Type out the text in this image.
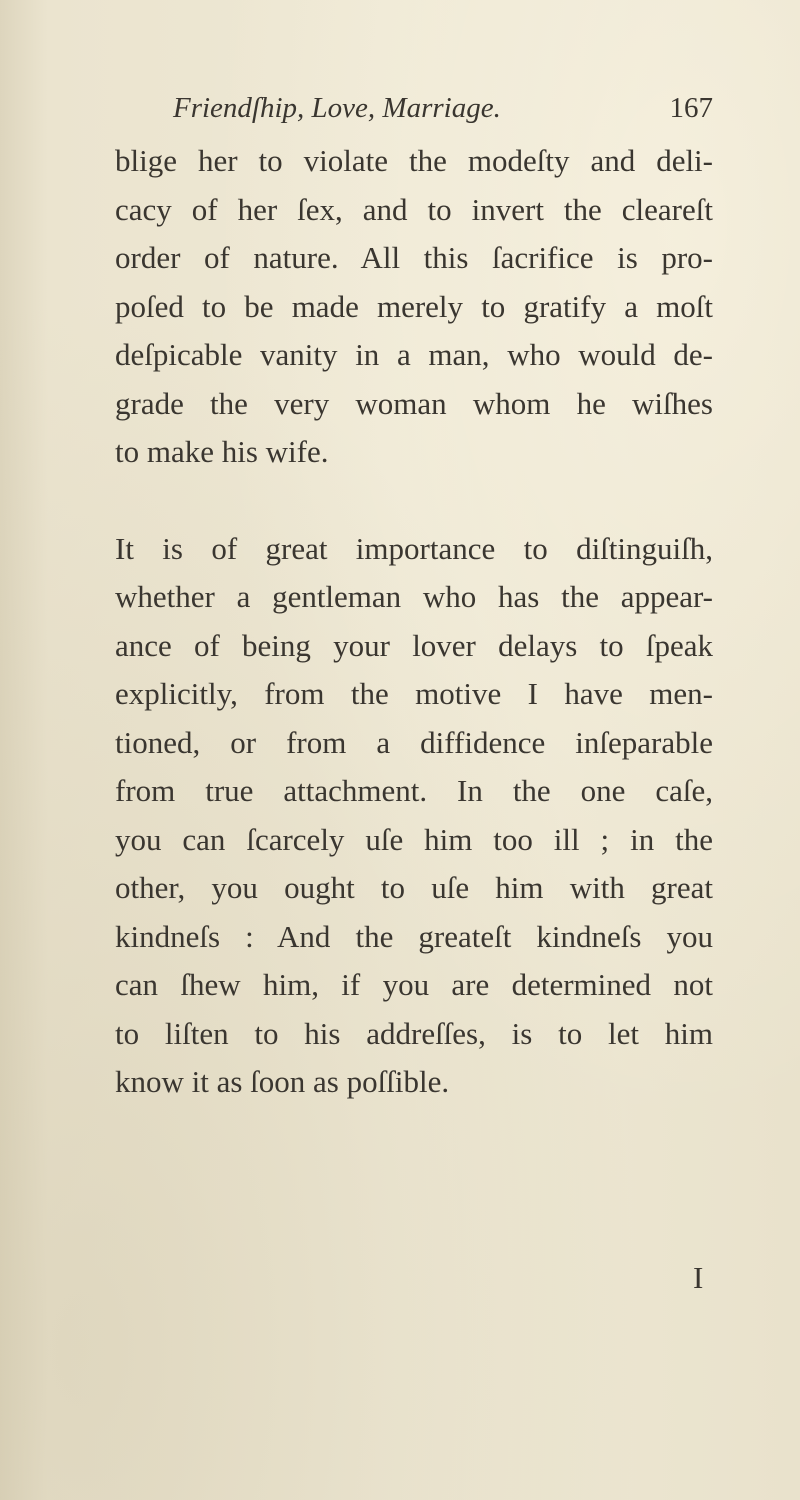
Friendſhip, Love, Marriage.	167
blige her to violate the modeſty and deli-
cacy of her ſex, and to invert the cleareſt
order of nature. All this ſacrifice is pro-
poſed to be made merely to gratify a moſt
deſpicable vanity in a man, who would de-
grade the very woman whom he wiſhes
to make his wife.
It is of great importance to diſtinguiſh,
whether a gentleman who has the appear-
ance of being your lover delays to ſpeak
explicitly, from the motive I have men-
tioned, or from a diffidence inſeparable
from true attachment. In the one caſe,
you can ſcarcely uſe him too ill ; in the
other, you ought to uſe him with great
kindneſs : And the greateſt kindneſs you
can ſhew him, if you are determined not
to liſten to his addreſſes, is to let him
know it as ſoon as poſſible.
I
